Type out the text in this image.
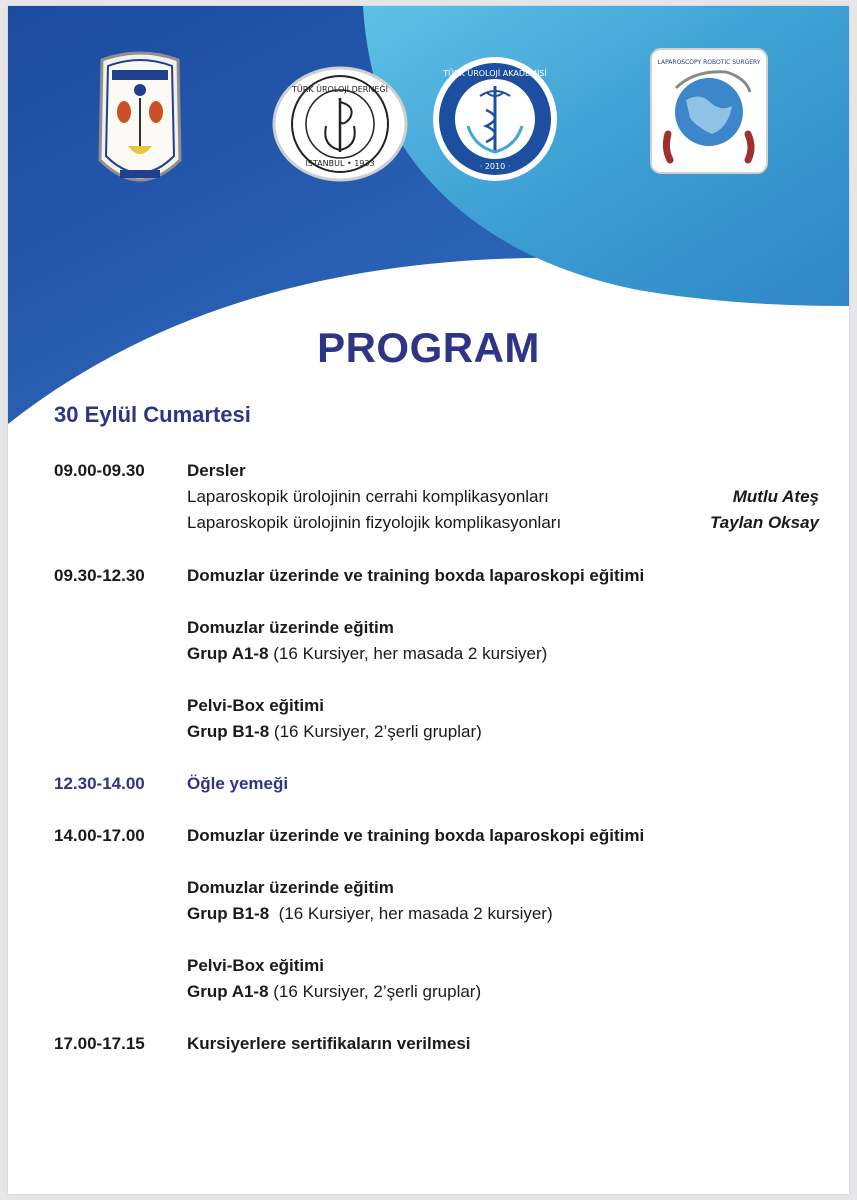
TÜRK ÜROLOJİ DERNEĞİ
İSTANBUL • 1933
TÜRK ÜROLOJİ AKADEMİSİ
· 2010 ·
LAPAROSCOPY ROBOTIC SURGERY
PROGRAM
30 Eylül Cumartesi
09.00-09.30 Dersler
Laparoskopik ürolojinin cerrahi komplikasyonları	Mutlu Ateş
Laparoskopik ürolojinin fizyolojik komplikasyonları	Taylan Oksay
09.30-12.30 Domuzlar üzerinde ve training boxda laparoskopi eğitimi
Domuzlar üzerinde eğitim
Grup A1-8 (16 Kursiyer, her masada 2 kursiyer)
Pelvi-Box eğitimi
Grup B1-8 (16 Kursiyer, 2’şerli gruplar)
12.30-14.00 Öğle yemeği
14.00-17.00 Domuzlar üzerinde ve training boxda laparoskopi eğitimi
Domuzlar üzerinde eğitim
Grup B1-8  (16 Kursiyer, her masada 2 kursiyer)
Pelvi-Box eğitimi
Grup A1-8 (16 Kursiyer, 2’şerli gruplar)
17.00-17.15 Kursiyerlere sertifikaların verilmesi
